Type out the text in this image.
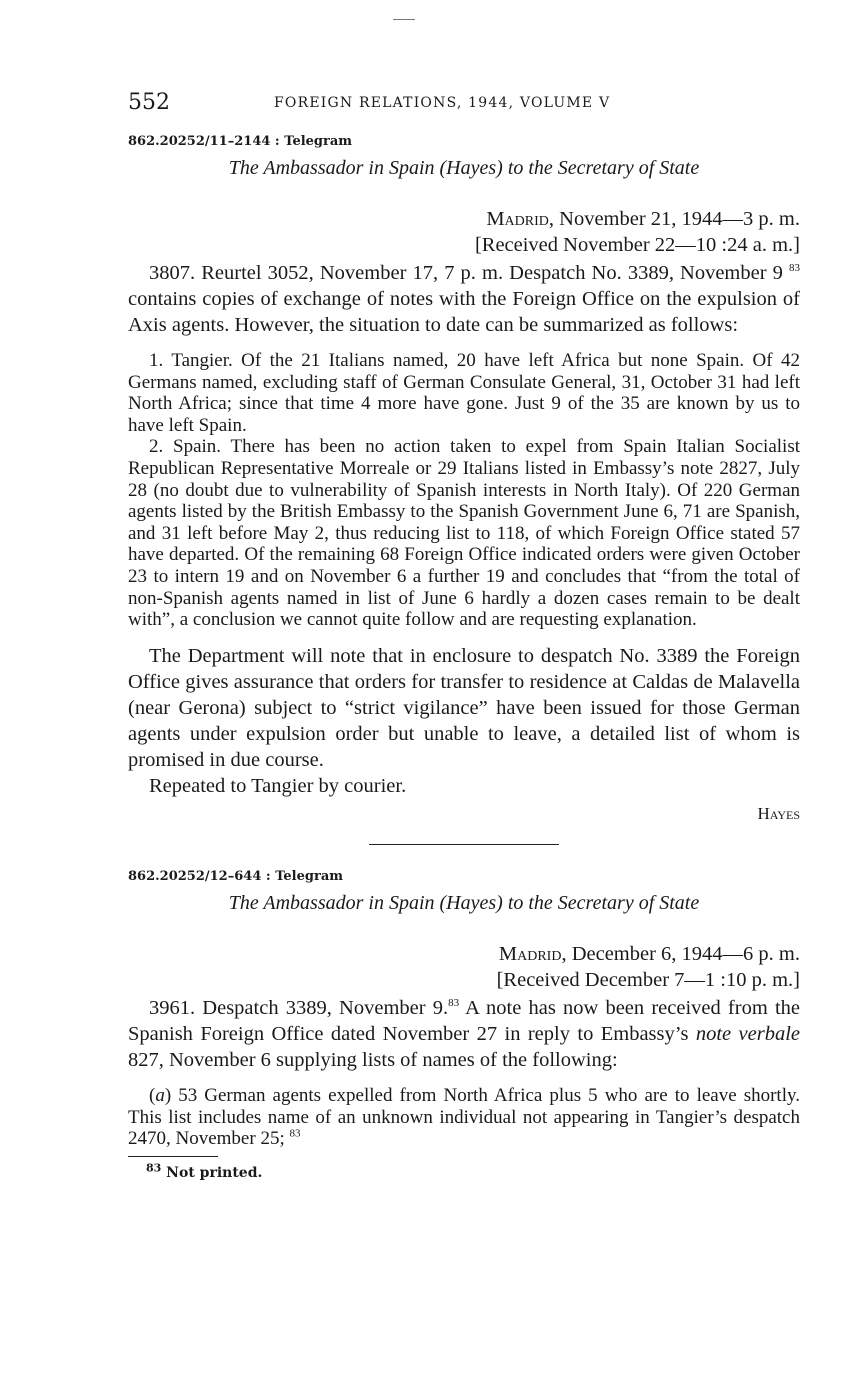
552	FOREIGN RELATIONS, 1944, VOLUME V
862.20252/11–2144 : Telegram
The Ambassador in Spain (Hayes) to the Secretary of State
Madrid, November 21, 1944—3 p. m.
[Received November 22—10 :24 a. m.]

3807. Reurtel 3052, November 17, 7 p. m. Despatch No. 3389, November 9 $^{83}$ contains copies of exchange of notes with the Foreign Office on the expulsion of Axis agents. However, the situation to date can be summarized as follows:

1. Tangier. Of the 21 Italians named, 20 have left Africa but none Spain. Of 42 Germans named, excluding staff of German Consulate General, 31, October 31 had left North Africa; since that time 4 more have gone. Just 9 of the 35 are known by us to have left Spain.

2. Spain. There has been no action taken to expel from Spain Italian Socialist Republican Representative Morreale or 29 Italians listed in Embassy’s note 2827, July 28 (no doubt due to vulnerability of Spanish interests in North Italy). Of 220 German agents listed by the British Embassy to the Spanish Government June 6, 71 are Spanish, and 31 left before May 2, thus reducing list to 118, of which Foreign Office stated 57 have departed. Of the remaining 68 Foreign Office indicated orders were given October 23 to intern 19 and on November 6 a further 19 and concludes that “from the total of non-Spanish agents named in list of June 6 hardly a dozen cases remain to be dealt with”, a conclusion we cannot quite follow and are requesting explanation.

The Department will note that in enclosure to despatch No. 3389 the Foreign Office gives assurance that orders for transfer to residence at Caldas de Malavella (near Gerona) subject to “strict vigilance” have been issued for those German agents under expulsion order but unable to leave, a detailed list of whom is promised in due course.

Repeated to Tangier by courier.

Hayes
862.20252/12–644 : Telegram
The Ambassador in Spain (Hayes) to the Secretary of State
Madrid, December 6, 1944—6 p. m.
[Received December 7—1 :10 p. m.]

3961. Despatch 3389, November 9.83 A note has now been received from the Spanish Foreign Office dated November 27 in reply to Embassy’s note verbale 827, November 6 supplying lists of names of the following:

(a) 53 German agents expelled from North Africa plus 5 who are to leave shortly. This list includes name of an unknown individual not appearing in Tangier’s despatch 2470, November 25; $^{83}$

$^{83}$ Not printed.
